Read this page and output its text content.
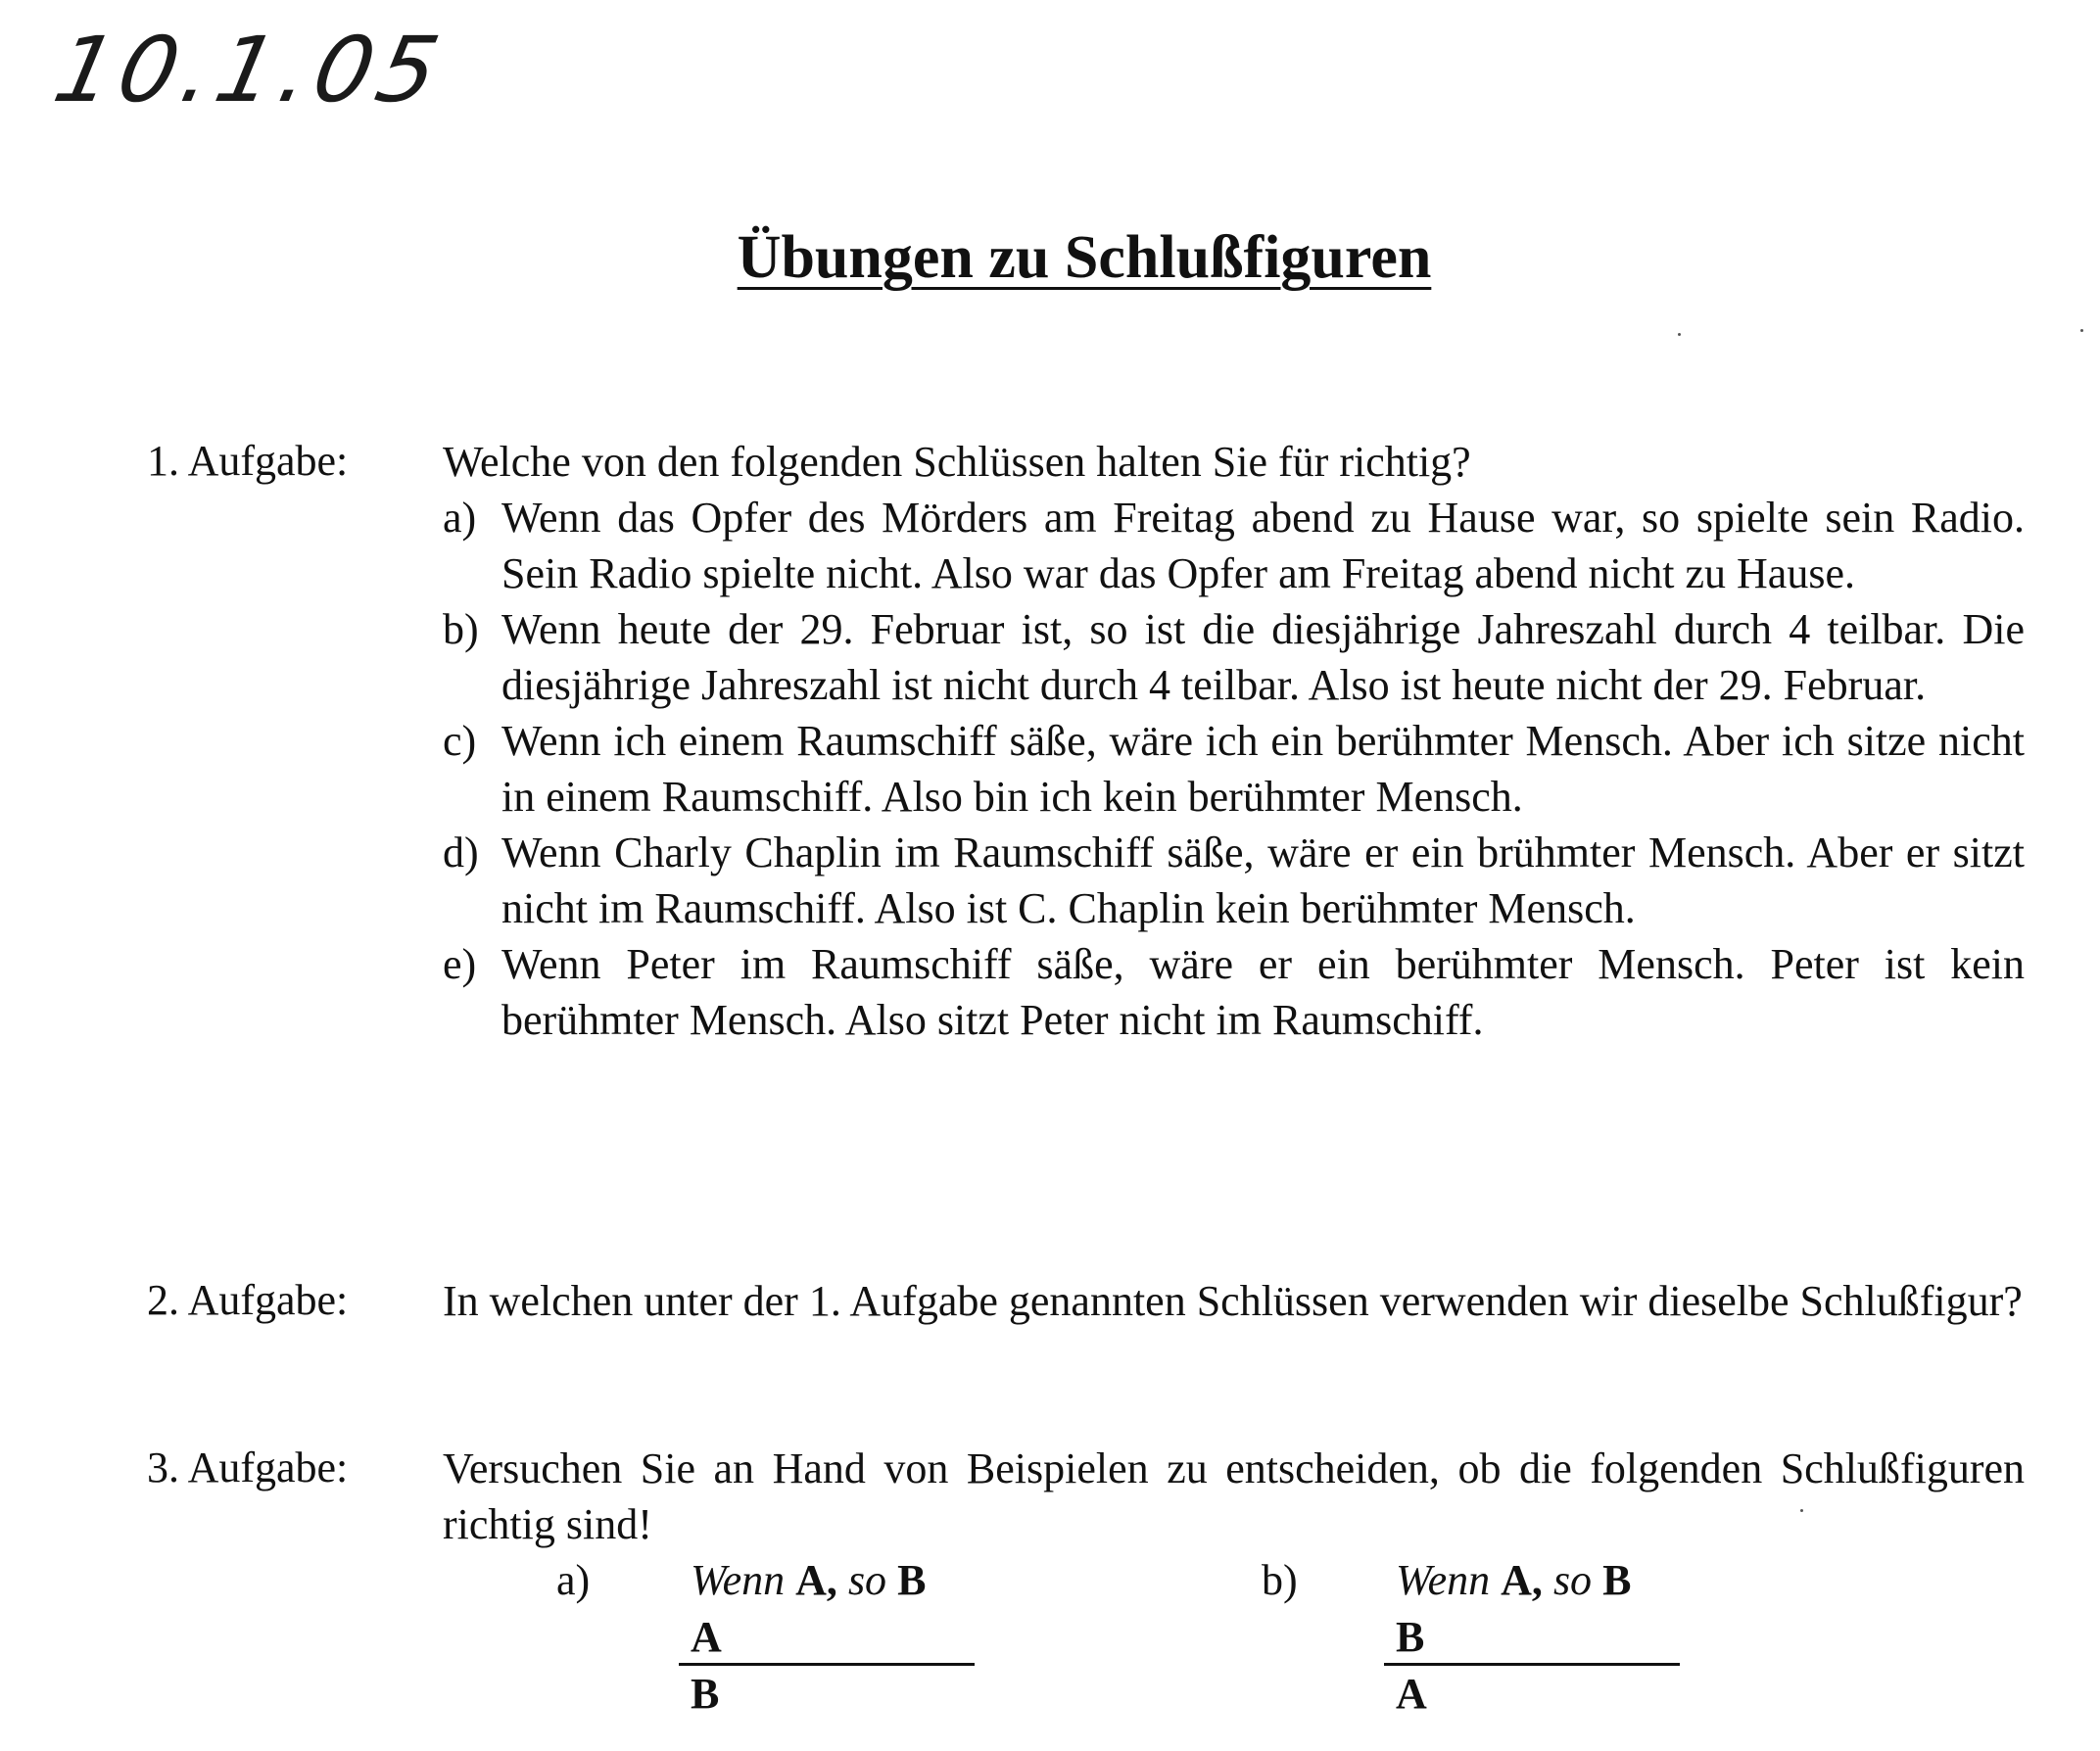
10.1.05
Übungen zu Schlußfiguren
1. Aufgabe: Welche von den folgenden Schlüssen halten Sie für richtig?
a) Wenn das Opfer des Mörders am Freitag abend zu Hause war, so spielte sein Radio. Sein Radio spielte nicht. Also war das Opfer am Freitag abend nicht zu Hause.
b) Wenn heute der 29. Februar ist, so ist die diesjährige Jahreszahl durch 4 teilbar. Die diesjährige Jahreszahl ist nicht durch 4 teilbar. Also ist heute nicht der 29. Februar.
c) Wenn ich einem Raumschiff säße, wäre ich ein berühmter Mensch. Aber ich sitze nicht in einem Raumschiff. Also bin ich kein berühmter Mensch.
d) Wenn Charly Chaplin im Raumschiff säße, wäre er ein brühmter Mensch. Aber er sitzt nicht im Raumschiff. Also ist C. Chaplin kein berühmter Mensch.
e) Wenn Peter im Raumschiff säße, wäre er ein berühmter Mensch. Peter ist kein berühmter Mensch. Also sitzt Peter nicht im Raumschiff.
2. Aufgabe: In welchen unter der 1. Aufgabe genannten Schlüssen verwenden wir dieselbe Schlußfigur?
3. Aufgabe: Versuchen Sie an Hand von Beispielen zu entscheiden, ob die folgenden Schlußfiguren richtig sind!
a) Wenn A, so B
A
B
b) Wenn A, so B
B
A
